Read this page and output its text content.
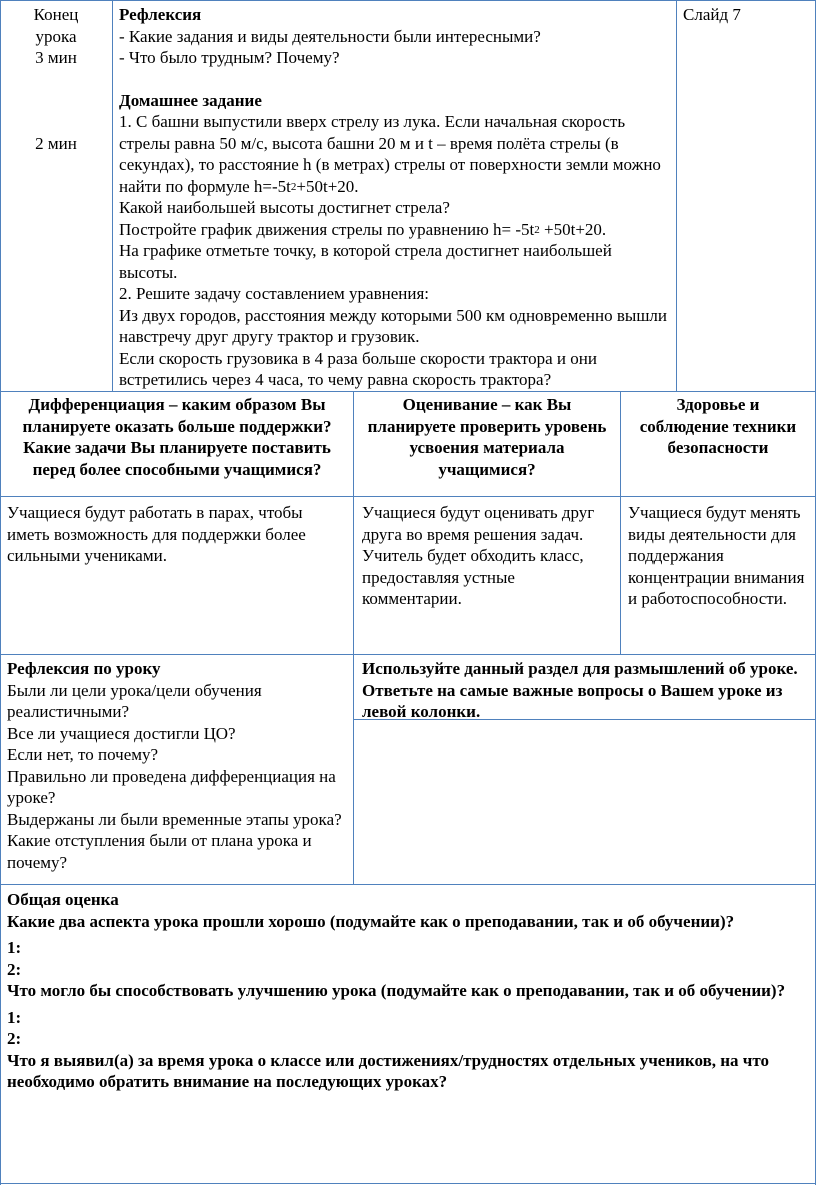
Конец урока

3 мин

2 мин

Рефлексия

- Какие задания и виды деятельности были интересными?

- Что было трудным? Почему?

Домашнее задание

1. С башни выпустили вверх стрелу из лука. Если начальная скорость стрелы равна 50 м/с, высота башни 20 м и t – время полёта стрелы (в секундах), то расстояние h (в метрах) стрелы от поверхности земли можно найти по формуле $h=-5t^2+50t+20$.

Какой наибольшей высоты достигнет стрела?

Постройте график движения стрелы по уравнению $h= -5t^2 +50t+20$.

На графике отметьте точку, в которой стрела достигнет наибольшей высоты.

2. Решите задачу составлением уравнения:

Из двух городов, расстояния между которыми 500 км одновременно вышли навстречу друг другу трактор и грузовик.

Если скорость грузовика в 4 раза больше скорости трактора и они встретились через 4 часа, то чему равна скорость трактора?

Слайд 7

Дифференциация – каким образом Вы планируете оказать больше поддержки? Какие задачи Вы планируете поставить перед более способными учащимися?

Оценивание – как Вы планируете проверить уровень усвоения материала учащимися?

Здоровье и соблюдение техники безопасности

Учащиеся будут работать в парах, чтобы иметь возможность для поддержки более сильными учениками.

Учащиеся будут оценивать друг друга во время решения задач.

Учитель будет обходить класс, предоставляя устные комментарии.

Учащиеся будут менять виды деятельности для поддержания концентрации внимания и работоспособности.

Рефлексия по уроку

Были ли цели урока/цели обучения реалистичными?

Все ли учащиеся достигли ЦО?

Если нет, то почему?

Правильно ли проведена дифференциация на уроке?

Выдержаны ли были временные этапы урока?

Какие отступления были от плана урока и почему?

Используйте данный раздел для размышлений об уроке. Ответьте на самые важные вопросы о Вашем уроке из левой колонки.

Общая оценка

Какие два аспекта урока прошли хорошо (подумайте как о преподавании, так и об обучении)?

1:

2:

Что могло бы способствовать улучшению урока (подумайте как о преподавании, так и об обучении)?

1:

2:

Что я выявил(а) за время урока о классе или достижениях/трудностях отдельных учеников, на что необходимо обратить внимание на последующих уроках?
